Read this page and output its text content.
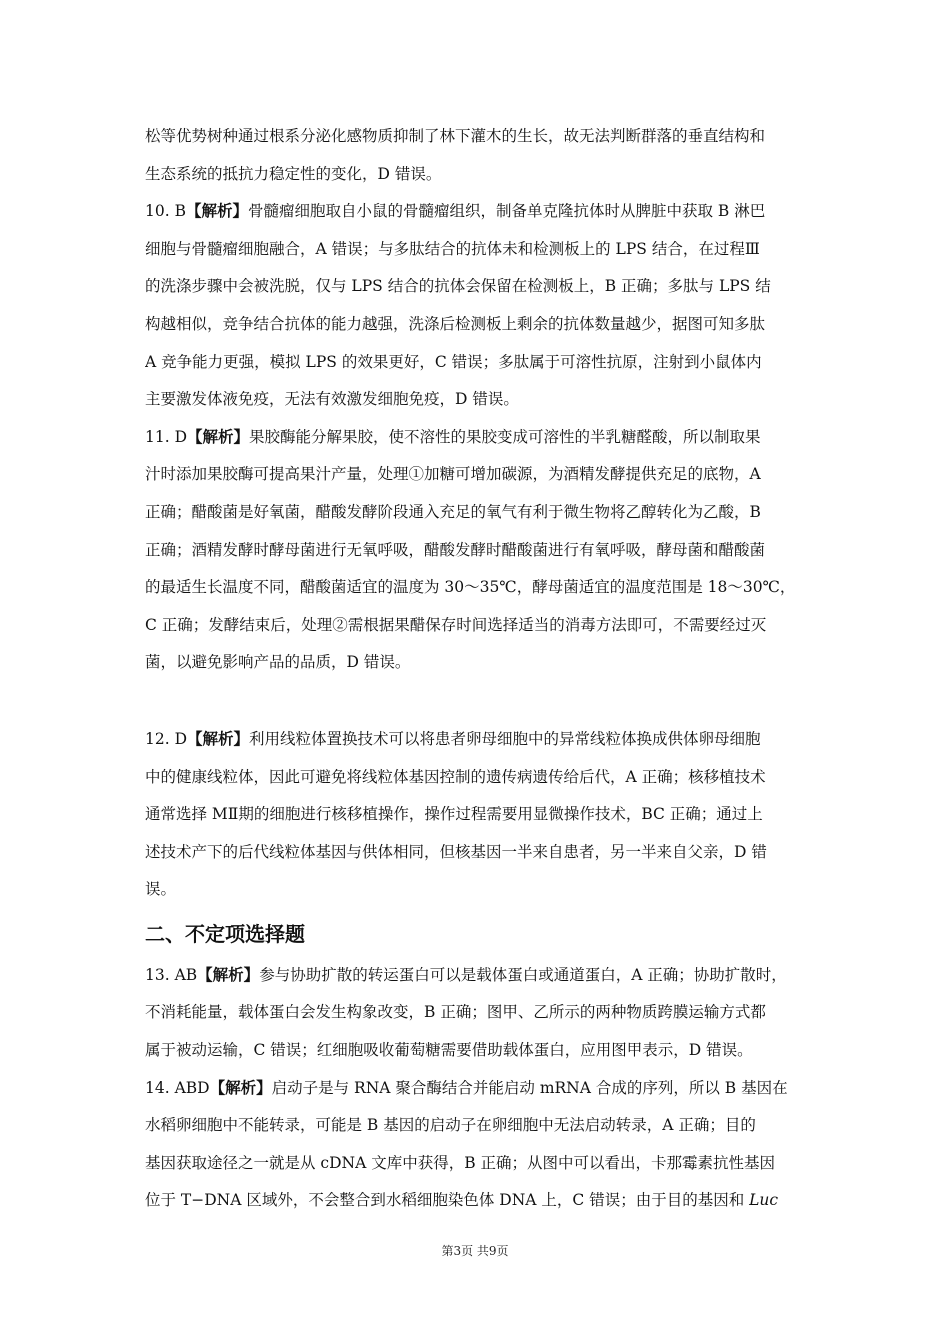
松等优势树种通过根系分泌化感物质抑制了林下灌木的生长，故无法判断群落的垂直结构和
生态系统的抵抗力稳定性的变化，D 错误。
10. B【解析】骨髓瘤细胞取自小鼠的骨髓瘤组织，制备单克隆抗体时从脾脏中获取 B 淋巴
细胞与骨髓瘤细胞融合，A 错误；与多肽结合的抗体未和检测板上的 LPS 结合，在过程Ⅲ
的洗涤步骤中会被洗脱，仅与 LPS 结合的抗体会保留在检测板上，B 正确；多肽与 LPS 结
构越相似，竞争结合抗体的能力越强，洗涤后检测板上剩余的抗体数量越少，据图可知多肽
A 竞争能力更强，模拟 LPS 的效果更好，C 错误；多肽属于可溶性抗原，注射到小鼠体内
主要激发体液免疫，无法有效激发细胞免疫，D 错误。
11. D【解析】果胶酶能分解果胶，使不溶性的果胶变成可溶性的半乳糖醛酸，所以制取果
汁时添加果胶酶可提高果汁产量，处理①加糖可增加碳源，为酒精发酵提供充足的底物，A
正确；醋酸菌是好氧菌，醋酸发酵阶段通入充足的氧气有利于微生物将乙醇转化为乙酸，B
正确；酒精发酵时酵母菌进行无氧呼吸，醋酸发酵时醋酸菌进行有氧呼吸，酵母菌和醋酸菌
的最适生长温度不同，醋酸菌适宜的温度为 30～35℃，酵母菌适宜的温度范围是 18～30℃，
C 正确；发酵结束后，处理②需根据果醋保存时间选择适当的消毒方法即可，不需要经过灭
菌，以避免影响产品的品质，D 错误。
12. D【解析】利用线粒体置换技术可以将患者卵母细胞中的异常线粒体换成供体卵母细胞
中的健康线粒体，因此可避免将线粒体基因控制的遗传病遗传给后代，A 正确；核移植技术
通常选择 MⅡ期的细胞进行核移植操作，操作过程需要用显微操作技术，BC 正确；通过上
述技术产下的后代线粒体基因与供体相同，但核基因一半来自患者，另一半来自父亲，D 错
误。
二、不定项选择题
13. AB【解析】参与协助扩散的转运蛋白可以是载体蛋白或通道蛋白，A 正确；协助扩散时，
不消耗能量，载体蛋白会发生构象改变，B 正确；图甲、乙所示的两种物质跨膜运输方式都
属于被动运输，C 错误；红细胞吸收葡萄糖需要借助载体蛋白，应用图甲表示，D 错误。
14. ABD【解析】启动子是与 RNA 聚合酶结合并能启动 mRNA 合成的序列，所以 B 基因在
水稻卵细胞中不能转录，可能是 B 基因的启动子在卵细胞中无法启动转录，A 正确；目的
基因获取途径之一就是从 cDNA 文库中获得，B 正确；从图中可以看出，卡那霉素抗性基因
位于 T−DNA 区域外，不会整合到水稻细胞染色体 DNA 上，C 错误；由于目的基因和 Luc
第3页 共9页
